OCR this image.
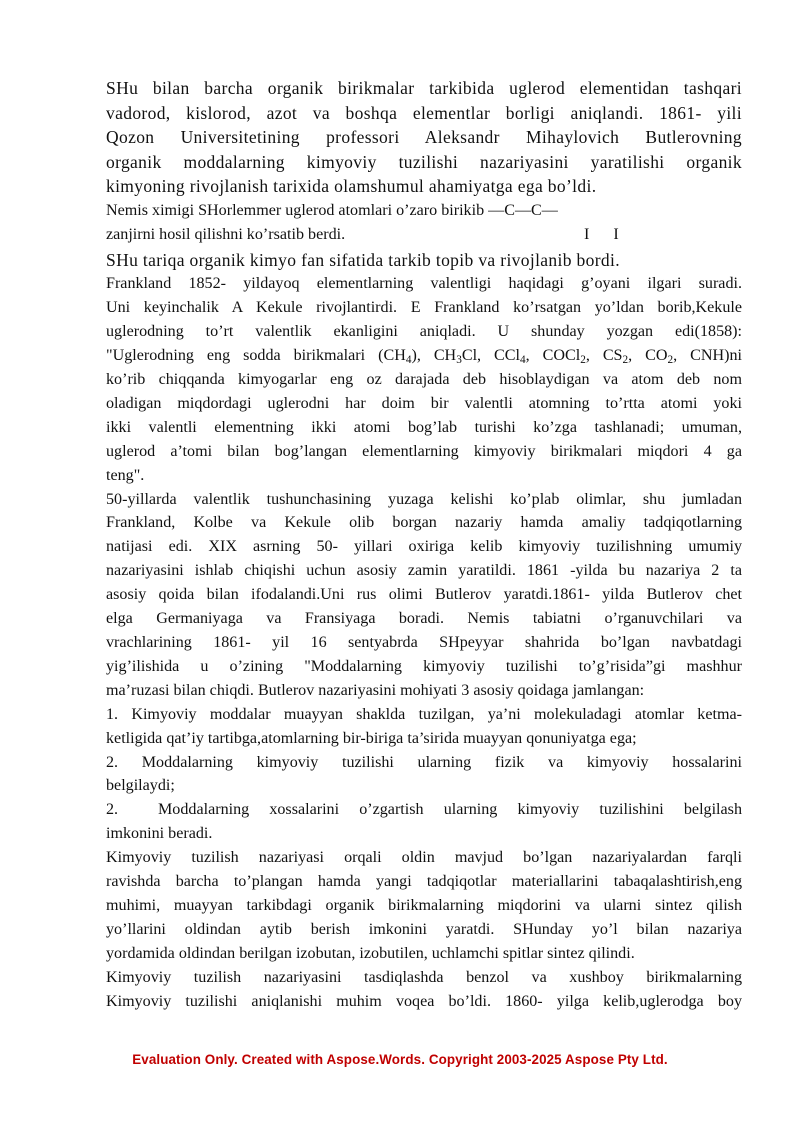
SHu bilan barcha organik birikmalar tarkibida uglerod elementidan tashqari
vadorod, kislorod, azot va boshqa elementlar borligi aniqlandi. 1861- yili
Qozon Universitetining professori Aleksandr Mihaylovich Butlerovning
organik moddalarning kimyoviy tuzilishi nazariyasini yaratilishi organik
kimyoning rivojlanish tarixida olamshumul ahamiyatga ega bo’ldi.
Nemis ximigi SHorlemmer uglerod atomlari o’zaro birikib —C—C—
zanjirni hosil qilishni ko’rsatib berdi.	I I
SHu tariqa organik kimyo fan sifatida tarkib topib va rivojlanib bordi.
Frankland 1852- yildayoq elementlarning valentligi haqidagi g’oyani ilgari suradi.
Uni keyinchalik A Kekule rivojlantirdi. E Frankland ko’rsatgan yo’ldan borib,Kekule
uglerodning to’rt valentlik ekanligini aniqladi. U shunday yozgan edi(1858):
"Uglerodning eng sodda birikmalari $(CH_4)$, $CH_3Cl$, CCl$_4$, COCl$_2$, $CS_2$, $CO_2$, CNH)ni
ko’rib chiqqanda kimyogarlar eng oz darajada deb hisoblaydigan va atom deb nom
oladigan miqdordagi uglerodni har doim bir valentli atomning to’rtta atomi yoki
ikki valentli elementning ikki atomi bog’lab turishi ko’zga tashlanadi; umuman,
uglerod a’tomi bilan bog’langan elementlarning kimyoviy birikmalari miqdori 4 ga
teng".
50-yillarda valentlik tushunchasining yuzaga kelishi ko’plab olimlar, shu jumladan
Frankland, Kolbe va Kekule olib borgan nazariy hamda amaliy tadqiqotlarning
natijasi edi. XIX asrning 50- yillari oxiriga kelib kimyoviy tuzilishning umumiy
nazariyasini ishlab chiqishi uchun asosiy zamin yaratildi. 1861 -yilda bu nazariya 2 ta
asosiy qoida bilan ifodalandi.Uni rus olimi Butlerov yaratdi.1861- yilda Butlerov chet
elga Germaniyaga va Fransiyaga boradi. Nemis tabiatni o’rganuvchilari va
vrachlarining 1861- yil 16 sentyabrda SHpeyyar shahrida bo’lgan navbatdagi
yig’ilishida u o’zining "Moddalarning kimyoviy tuzilishi to’g’risida”gi mashhur
ma’ruzasi bilan chiqdi. Butlerov nazariyasini mohiyati 3 asosiy qoidaga jamlangan:
1. Kimyoviy moddalar muayyan shaklda tuzilgan, ya’ni molekuladagi atomlar ketma-
ketligida qat’iy tartibga,atomlarning bir-biriga ta’sirida muayyan qonuniyatga ega;
2. Moddalarning kimyoviy tuzilishi ularning fizik va kimyoviy hossalarini
belgilaydi;
2. Moddalarning xossalarini o’zgartish ularning kimyoviy tuzilishini belgilash
imkonini beradi.
Kimyoviy tuzilish nazariyasi orqali oldin mavjud bo’lgan nazariyalardan farqli
ravishda barcha to’plangan hamda yangi tadqiqotlar materiallarini tabaqalashtirish,eng
muhimi, muayyan tarkibdagi organik birikmalarning miqdorini va ularni sintez qilish
yo’llarini oldindan aytib berish imkonini yaratdi. SHunday yo’l bilan nazariya
yordamida oldindan berilgan izobutan, izobutilen, uchlamchi spitlar sintez qilindi.
Kimyoviy tuzilish nazariyasini tasdiqlashda benzol va xushboy birikmalarning
Kimyoviy tuzilishi aniqlanishi muhim voqea bo’ldi. 1860- yilga kelib,uglerodga boy
Evaluation Only. Created with Aspose.Words. Copyright 2003-2025 Aspose Pty Ltd.
